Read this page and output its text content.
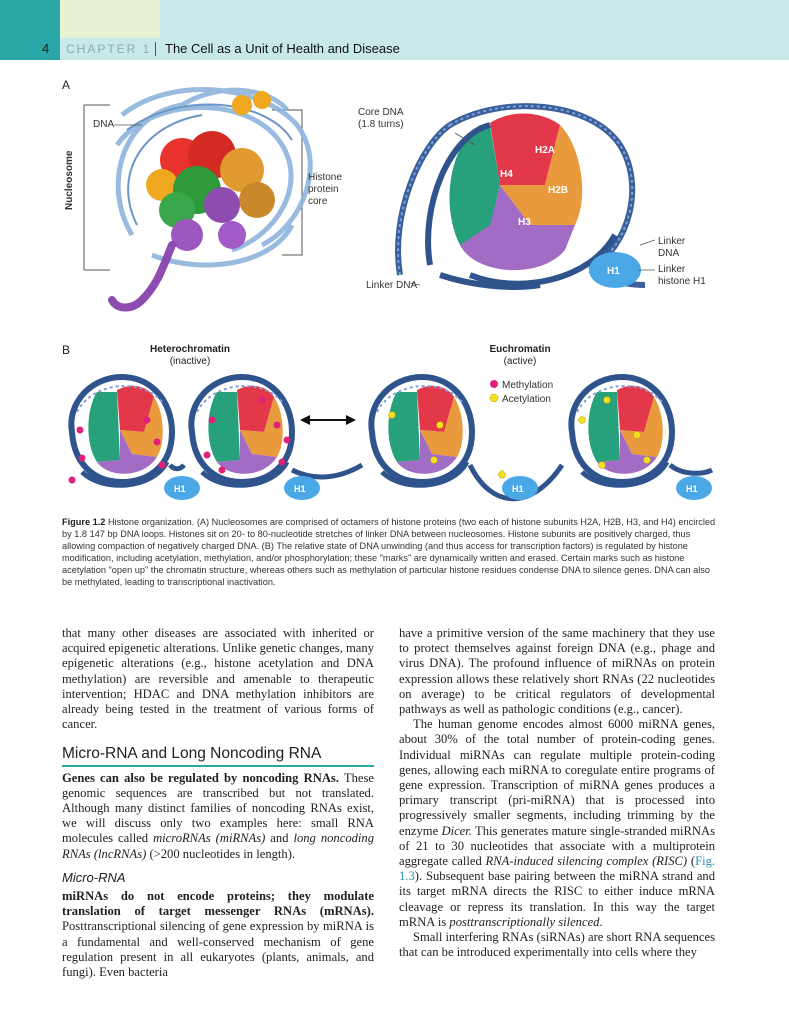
4 CHAPTER 1 The Cell as a Unit of Health and Disease
A
DNA
Nucleosome	Histone
protein
core
H2A
H4
H2B
H3
H1
Core DNA
(1.8 turns)
Linker DNA
Linker
DNA
Linker
histone H1
B	Heterochromatin
(inactive)
Euchromatin
(active)
H1	H1	H1	H1
Methylation
Acetylation
Figure 1.2 Histone organization. (A) Nucleosomes are comprised of octamers of histone proteins (two each of histone subunits H2A, H2B, H3, and H4) encircled by 1.8 147 bp DNA loops. Histones sit on 20- to 80-nucleotide stretches of linker DNA between nucleosomes. Histone subunits are positively charged, thus allowing compaction of negatively charged DNA. (B) The relative state of DNA unwinding (and thus access for transcription factors) is regulated by histone modification, including acetylation, methylation, and/or phosphorylation; these "marks" are dynamically written and erased. Certain marks such as histone acetylation "open up" the chromatin structure, whereas others such as methylation of particular histone residues condense DNA to silence genes. DNA can also be methylated, leading to transcriptional inactivation.

that many other diseases are associated with inherited or acquired epigenetic alterations. Unlike genetic changes, many epigenetic alterations (e.g., histone acetylation and DNA methylation) are reversible and amenable to therapeutic intervention; HDAC and DNA methylation inhibitors are already being tested in the treatment of various forms of cancer.

Micro-RNA and Long Noncoding RNA

Genes can also be regulated by noncoding RNAs. These genomic sequences are transcribed but not translated. Although many distinct families of noncoding RNAs exist, we will discuss only two examples here: small RNA molecules called microRNAs (miRNAs) and long noncoding RNAs (lncRNAs) (>200 nucleotides in length).

Micro-RNA

miRNAs do not encode proteins; they modulate translation of target messenger RNAs (mRNAs). Posttranscriptional silencing of gene expression by miRNA is a fundamental and well-conserved mechanism of gene regulation present in all eukaryotes (plants, animals, and fungi). Even bacteria

have a primitive version of the same machinery that they use to protect themselves against foreign DNA (e.g., phage and virus DNA). The profound influence of miRNAs on protein expression allows these relatively short RNAs (22 nucleotides on average) to be critical regulators of developmental pathways as well as pathologic conditions (e.g., cancer).

The human genome encodes almost 6000 miRNA genes, about 30% of the total number of protein-coding genes. Individual miRNAs can regulate multiple protein-coding genes, allowing each miRNA to coregulate entire programs of gene expression. Transcription of miRNA genes produces a primary transcript (pri-miRNA) that is processed into progressively smaller segments, including trimming by the enzyme Dicer. This generates mature single-stranded miRNAs of 21 to 30 nucleotides that associate with a multiprotein aggregate called RNA-induced silencing complex (RISC) (Fig. 1.3). Subsequent base pairing between the miRNA strand and its target mRNA directs the RISC to either induce mRNA cleavage or repress its translation. In this way the target mRNA is posttranscriptionally silenced.

Small interfering RNAs (siRNAs) are short RNA sequences that can be introduced experimentally into cells where they
